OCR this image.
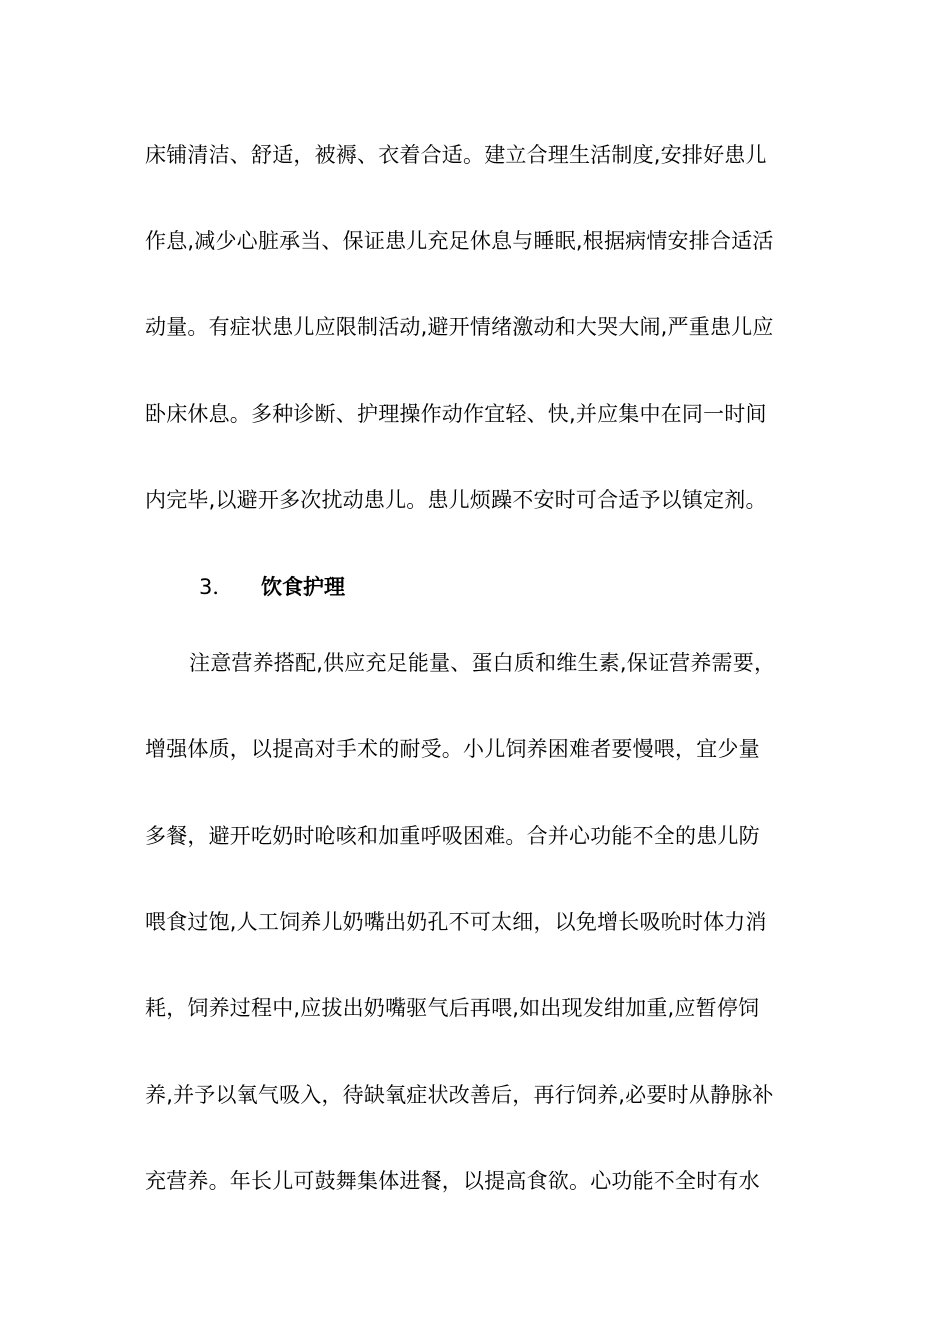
床铺清洁、舒适，被褥、衣着合适。建立合理生活制度,安排好患儿
作息,减少心脏承当、保证患儿充足休息与睡眠,根据病情安排合适活
动量。有症状患儿应限制活动,避开情绪激动和大哭大闹,严重患儿应
卧床休息。多种诊断、护理操作动作宜轻、快,并应集中在同一时间
内完毕,以避开多次扰动患儿。患儿烦躁不安时可合适予以镇定剂。
3． 饮食护理
注意营养搭配,供应充足能量、蛋白质和维生素,保证营养需要，
增强体质，以提高对手术的耐受。小儿饲养困难者要慢喂，宜少量
多餐，避开吃奶时呛咳和加重呼吸困难。合并心功能不全的患儿防
喂食过饱,人工饲养儿奶嘴出奶孔不可太细，以免增长吸吮时体力消
耗，饲养过程中,应拔出奶嘴驱气后再喂,如出现发绀加重,应暂停饲
养,并予以氧气吸入，待缺氧症状改善后，再行饲养,必要时从静脉补
充营养。年长儿可鼓舞集体进餐，以提高食欲。心功能不全时有水
